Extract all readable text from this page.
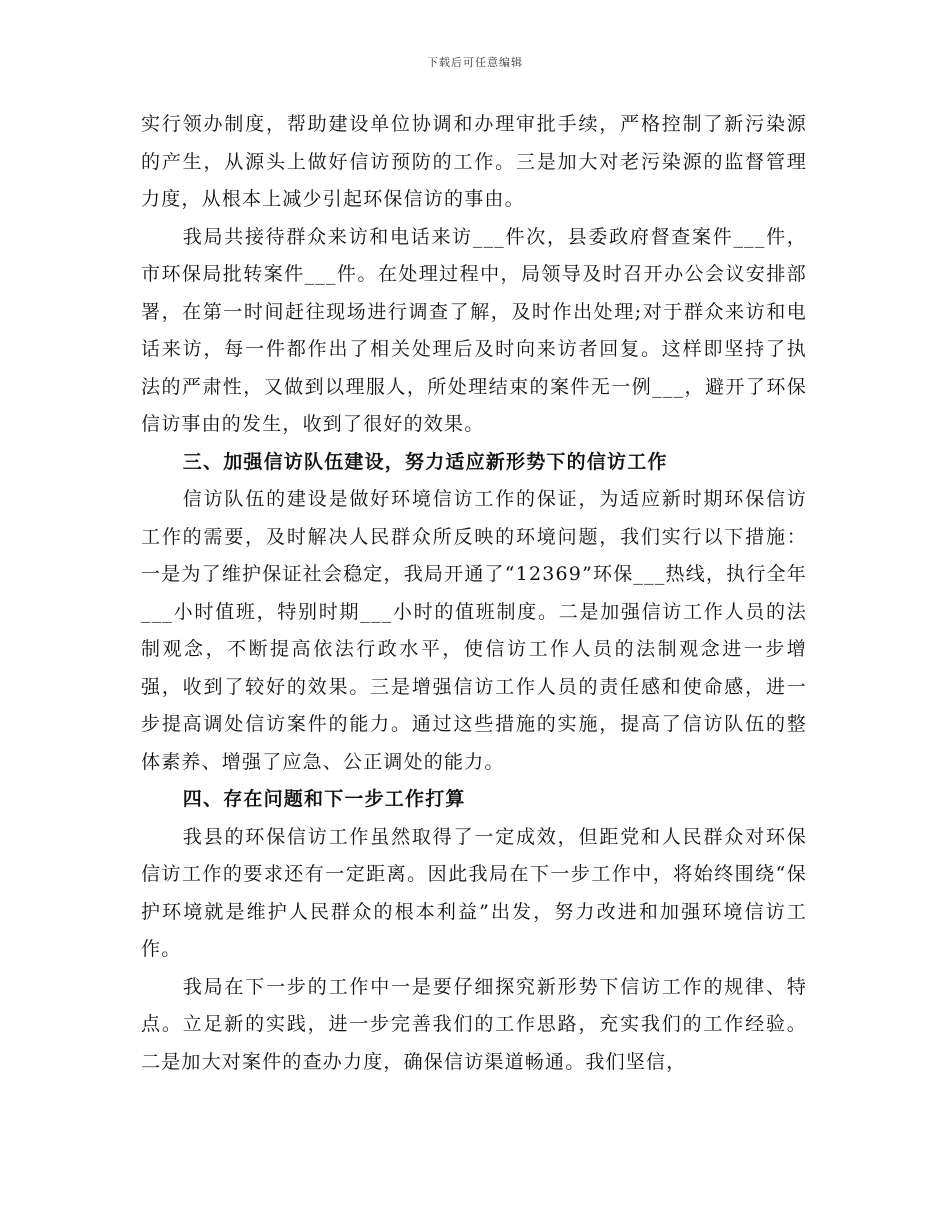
下载后可任意编辑

实行领办制度，帮助建设单位协调和办理审批手续，严格控制了新污染源的产生，从源头上做好信访预防的工作。三是加大对老污染源的监督管理力度，从根本上减少引起环保信访的事由。

我局共接待群众来访和电话来访___件次，县委政府督查案件___件，市环保局批转案件___件。在处理过程中，局领导及时召开办公会议安排部署，在第一时间赶往现场进行调查了解，及时作出处理;对于群众来访和电话来访，每一件都作出了相关处理后及时向来访者回复。这样即坚持了执法的严肃性，又做到以理服人，所处理结束的案件无一例___，避开了环保信访事由的发生，收到了很好的效果。

三、加强信访队伍建设，努力适应新形势下的信访工作

信访队伍的建设是做好环境信访工作的保证，为适应新时期环保信访工作的需要，及时解决人民群众所反映的环境问题，我们实行以下措施：一是为了维护保证社会稳定，我局开通了“12369”环保___热线，执行全年___小时值班，特别时期___小时的值班制度。二是加强信访工作人员的法制观念，不断提高依法行政水平，使信访工作人员的法制观念进一步增强，收到了较好的效果。三是增强信访工作人员的责任感和使命感，进一步提高调处信访案件的能力。通过这些措施的实施，提高了信访队伍的整体素养、增强了应急、公正调处的能力。

四、存在问题和下一步工作打算

我县的环保信访工作虽然取得了一定成效，但距党和人民群众对环保信访工作的要求还有一定距离。因此我局在下一步工作中，将始终围绕“保护环境就是维护人民群众的根本利益”出发，努力改进和加强环境信访工作。

我局在下一步的工作中一是要仔细探究新形势下信访工作的规律、特点。立足新的实践，进一步完善我们的工作思路，充实我们的工作经验。二是加大对案件的查办力度，确保信访渠道畅通。我们坚信，
